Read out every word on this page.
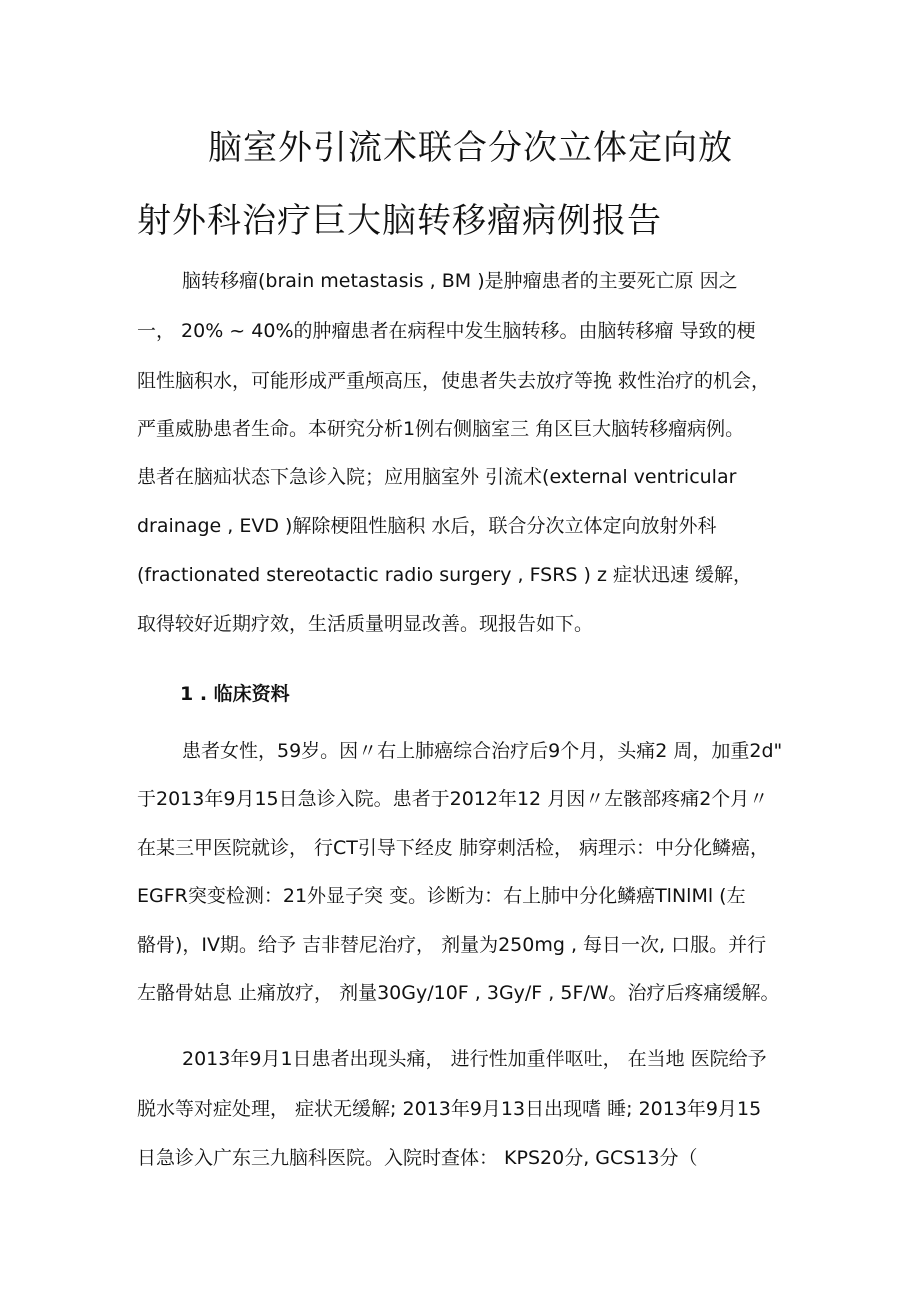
脑室外引流术联合分次立体定向放
射外科治疗巨大脑转移瘤病例报告
脑转移瘤(brain metastasis , BM )是肿瘤患者的主要死亡原 因之
一， 20% ~ 40%的肿瘤患者在病程中发生脑转移。由脑转移瘤 导致的梗
阻性脑积水，可能形成严重颅高压，使患者失去放疗等挽 救性治疗的机会，
严重威胁患者生命。本研究分析1例右侧脑室三 角区巨大脑转移瘤病例。
患者在脑疝状态下急诊入院；应用脑室外 引流术(external ventricular
drainage , EVD )解除梗阻性脑积 水后，联合分次立体定向放射外科
(fractionated stereotactic radio surgery , FSRS ) z 症状迅速 缓解，
取得较好近期疗效，生活质量明显改善。现报告如下。
1 . 临床资料
患者女性，59岁。因〃右上肺癌综合治疗后9个月，头痛2 周，加重2d"
于2013年9月15日急诊入院。患者于2012年12 月因〃左骸部疼痛2个月〃
在某三甲医院就诊， 行CT引导下经皮 肺穿刺活检， 病理示：中分化鳞癌，
EGFR突变检测：21外显子突 变。诊断为：右上肺中分化鳞癌TlNlMl (左
骼骨)，IV期。给予 吉非替尼治疗， 剂量为250mg , 每日一次, 口服。并行
左骼骨姑息 止痛放疗， 剂量30Gy/10F , 3Gy/F , 5F/W。治疗后疼痛缓解。
2013年9月1日患者出现头痛， 进行性加重伴呕吐， 在当地 医院给予
脱水等对症处理， 症状无缓解; 2013年9月13日出现嗜 睡; 2013年9月15
日急诊入广东三九脑科医院。入院时查体： KPS20分, GCS13分（
